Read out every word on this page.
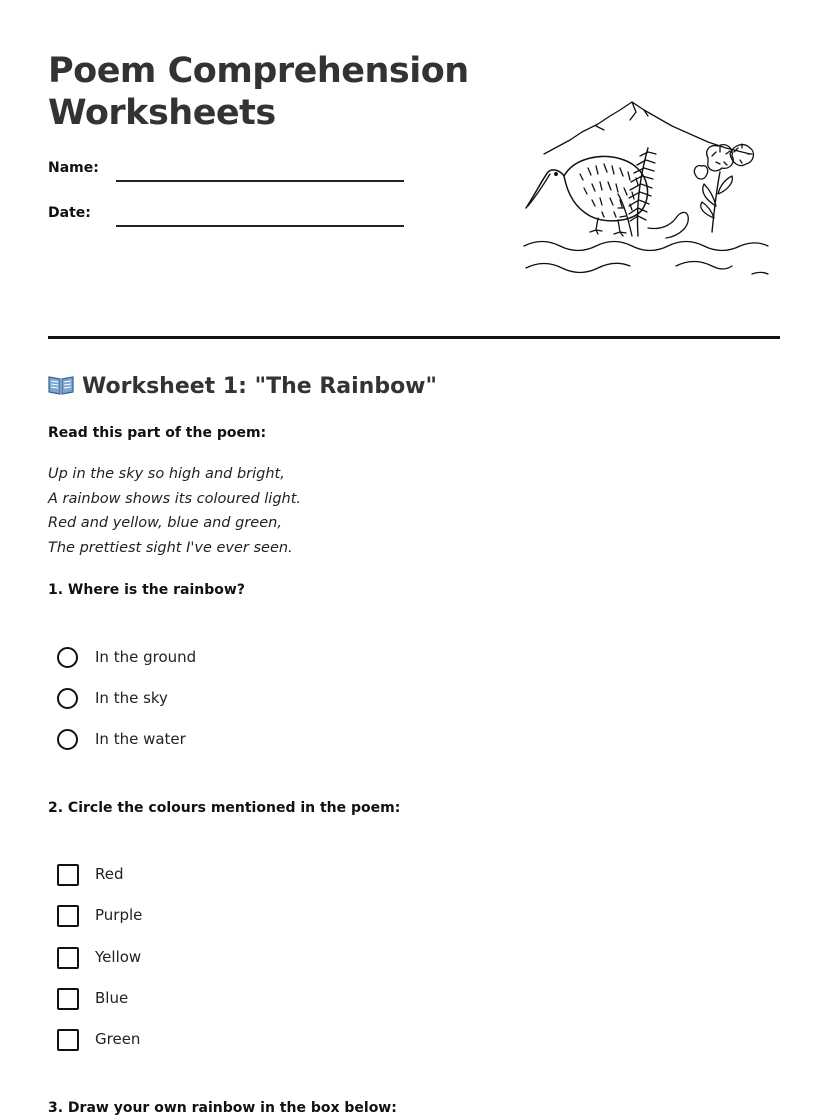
Poem Comprehension Worksheets
Name:
Date:
Worksheet 1: "The Rainbow"
Read this part of the poem:
Up in the sky so high and bright,
A rainbow shows its coloured light.
Red and yellow, blue and green,
The prettiest sight I've ever seen.
1. Where is the rainbow?
In the ground
In the sky
In the water
2. Circle the colours mentioned in the poem:
Red
Purple
Yellow
Blue
Green
3. Draw your own rainbow in the box below:
